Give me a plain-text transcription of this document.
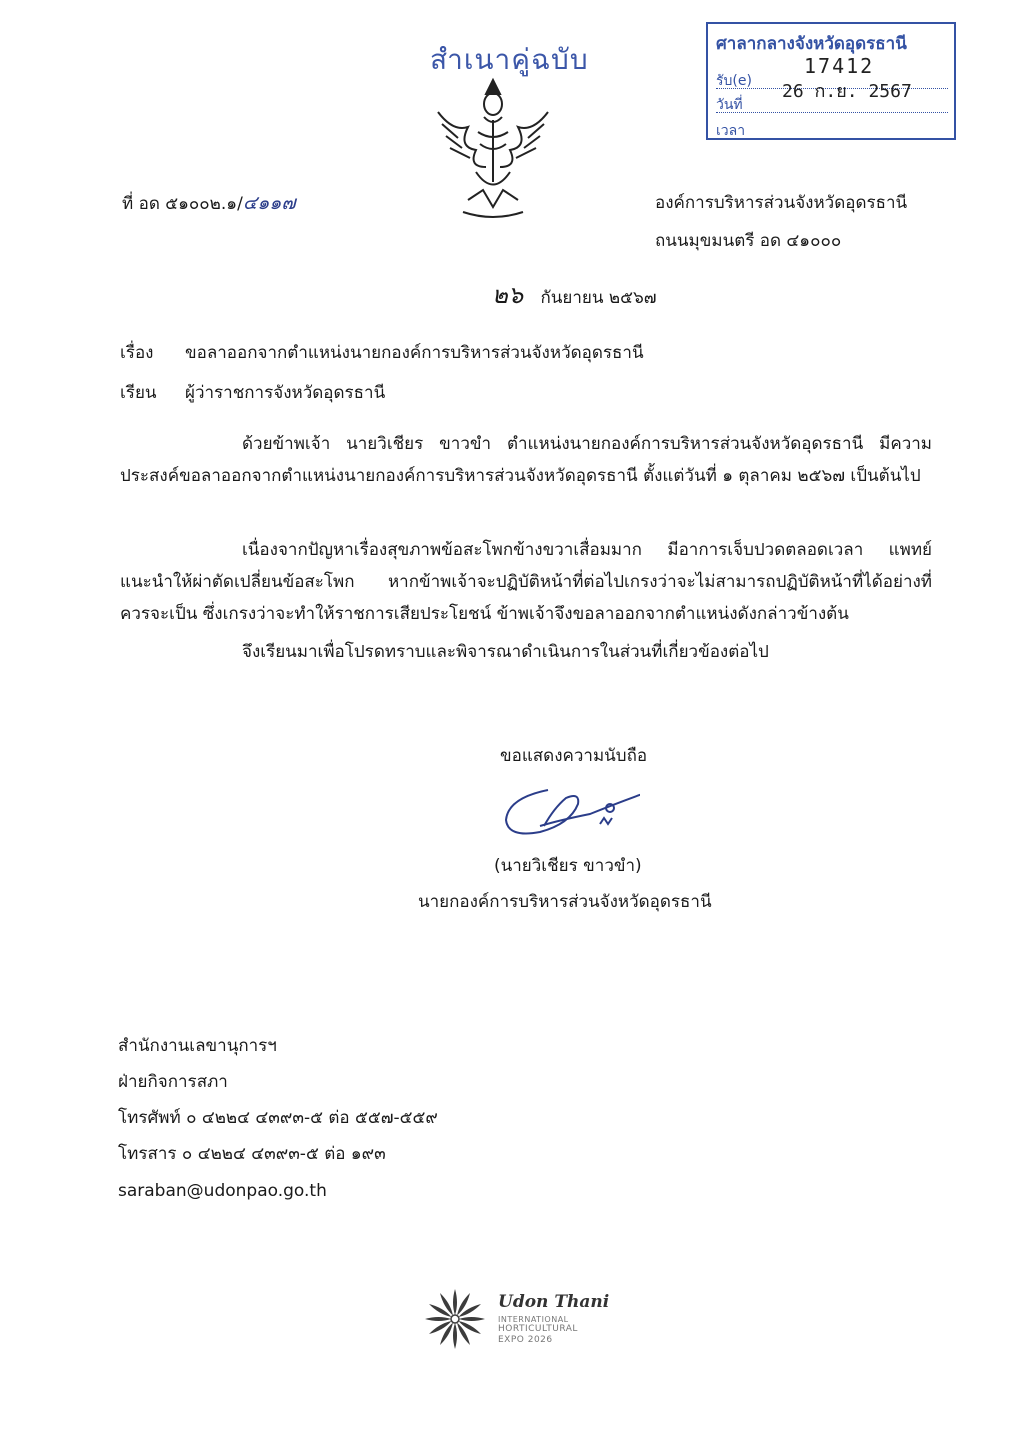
สำเนาคู่ฉบับ	ศาลากลางจังหวัดอุดรธานี
รับ(e)
17412
วันที่
26 ก.ย. 2567
เวลา
ที่ อด ๕๑๐๐๒.๑/๔๑๑๗	องค์การบริหารส่วนจังหวัดอุดรธานี
ถนนมุขมนตรี อด ๔๑๐๐๐
๒๖ กันยายน ๒๕๖๗
เรื่อง ขอลาออกจากตำแหน่งนายกองค์การบริหารส่วนจังหวัดอุดรธานี
เรียน ผู้ว่าราชการจังหวัดอุดรธานี
ด้วยข้าพเจ้า นายวิเชียร ขาวขำ ตำแหน่งนายกองค์การบริหารส่วนจังหวัดอุดรธานี มีความประสงค์ขอลาออกจากตำแหน่งนายกองค์การบริหารส่วนจังหวัดอุดรธานี ตั้งแต่วันที่ ๑ ตุลาคม ๒๕๖๗ เป็นต้นไป
เนื่องจากปัญหาเรื่องสุขภาพข้อสะโพกข้างขวาเสื่อมมาก มีอาการเจ็บปวดตลอดเวลา แพทย์แนะนำให้ผ่าตัดเปลี่ยนข้อสะโพก หากข้าพเจ้าจะปฏิบัติหน้าที่ต่อไปเกรงว่าจะไม่สามารถปฏิบัติหน้าที่ได้อย่างที่ควรจะเป็น ซึ่งเกรงว่าจะทำให้ราชการเสียประโยชน์ ข้าพเจ้าจึงขอลาออกจากตำแหน่งดังกล่าวข้างต้น
จึงเรียนมาเพื่อโปรดทราบและพิจารณาดำเนินการในส่วนที่เกี่ยวข้องต่อไป
ขอแสดงความนับถือ
(นายวิเชียร ขาวขำ)
นายกองค์การบริหารส่วนจังหวัดอุดรธานี
สำนักงานเลขานุการฯ
ฝ่ายกิจการสภา
โทรศัพท์ ๐ ๔๒๒๔ ๔๓๙๓-๕ ต่อ ๕๕๗-๕๕๙
โทรสาร ๐ ๔๒๒๔ ๔๓๙๓-๕ ต่อ ๑๙๓
saraban@udonpao.go.th
Udon Thani
INTERNATIONAL
HORTICULTURAL
EXPO 2026
